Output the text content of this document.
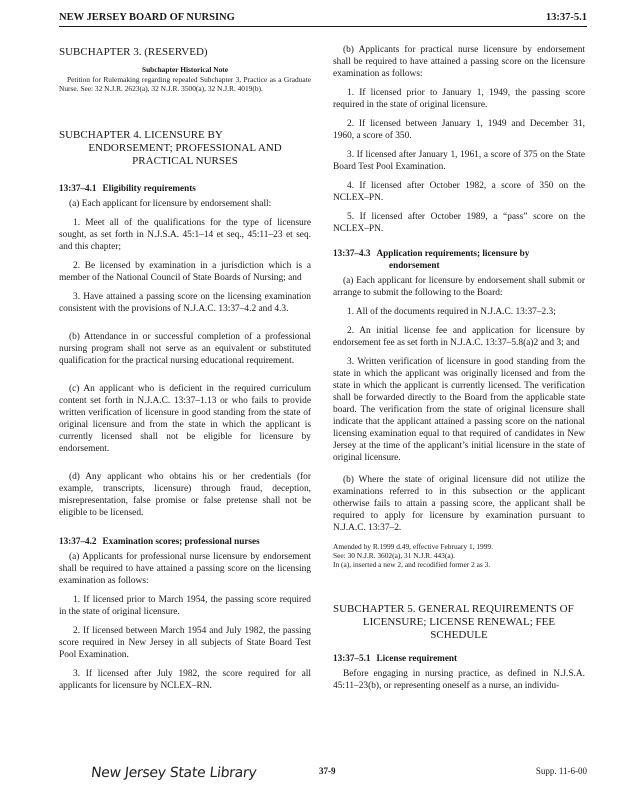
NEW JERSEY BOARD OF NURSING	13:37-5.1

SUBCHAPTER 3. (RESERVED)

Subchapter Historical Note

Petition for Rulemaking regarding repealed Subchapter 3, Practice as a Graduate Nurse. See: 32 N.J.R. 2623(a), 32 N.J.R. 3500(a), 32 N.J.R. 4019(b).

SUBCHAPTER 4. LICENSURE BY

ENDORSEMENT; PROFESSIONAL AND

PRACTICAL NURSES

13:37–4.1 Eligibility requirements

(a) Each applicant for licensure by endorsement shall:

1. Meet all of the qualifications for the type of licensure sought, as set forth in N.J.S.A. 45:1–14 et seq., 45:11–23 et seq. and this chapter;

2. Be licensed by examination in a jurisdiction which is a member of the National Council of State Boards of Nursing; and

3. Have attained a passing score on the licensing examination consistent with the provisions of N.J.A.C. 13:37–4.2 and 4.3.

(b) Attendance in or successful completion of a professional nursing program shall not serve as an equivalent or substituted qualification for the practical nursing educational requirement.

(c) An applicant who is deficient in the required curriculum content set forth in N.J.A.C. 13:37–1.13 or who fails to provide written verification of licensure in good standing from the state of original licensure and from the state in which the applicant is currently licensed shall not be eligible for licensure by endorsement.

(d) Any applicant who obtains his or her credentials (for example, transcripts, licensure) through fraud, deception, misrepresentation, false promise or false pretense shall not be eligible to be licensed.

13:37–4.2 Examination scores; professional nurses

(a) Applicants for professional nurse licensure by endorsement shall be required to have attained a passing score on the licensing examination as follows:

1. If licensed prior to March 1954, the passing score required in the state of original licensure.

2. If licensed between March 1954 and July 1982, the passing score required in New Jersey in all subjects of State Board Test Pool Examination.

3. If licensed after July 1982, the score required for all applicants for licensure by NCLEX–RN.

(b) Applicants for practical nurse licensure by endorsement shall be required to have attained a passing score on the licensure examination as follows:

1. If licensed prior to January 1, 1949, the passing score required in the state of original licensure.

2. If licensed between January 1, 1949 and December 31, 1960, a score of 350.

3. If licensed after January 1, 1961, a score of 375 on the State Board Test Pool Examination.

4. If licensed after October 1982, a score of 350 on the NCLEX–PN.

5. If licensed after October 1989, a “pass” score on the NCLEX–PN.

13:37–4.3 Application requirements; licensure by

endorsement

(a) Each applicant for licensure by endorsement shall submit or arrange to submit the following to the Board:

1. All of the documents required in N.J.A.C. 13:37–2.3;

2. An initial license fee and application for licensure by endorsement fee as set forth in N.J.A.C. 13:37–5.8(a)2 and 3; and

3. Written verification of licensure in good standing from the state in which the applicant was originally licensed and from the state in which the applicant is currently licensed. The verification shall be forwarded directly to the Board from the applicable state board. The verification from the state of original licensure shall indicate that the applicant attained a passing score on the national licensing examination equal to that required of candidates in New Jersey at the time of the applicant’s initial licensure in the state of original licensure.

(b) Where the state of original licensure did not utilize the examinations referred to in this subsection or the applicant otherwise fails to attain a passing score, the applicant shall be required to apply for licensure by examination pursuant to N.J.A.C. 13:37–2.

Amended by R.1999 d.49, effective February 1, 1999.

See: 30 N.J.R. 3602(a), 31 N.J.R. 443(a).

In (a), inserted a new 2, and recodified former 2 as 3.

SUBCHAPTER 5. GENERAL REQUIREMENTS OF

LICENSURE; LICENSE RENEWAL; FEE

SCHEDULE

13:37–5.1 License requirement

Before engaging in nursing practice, as defined in N.J.S.A. 45:11–23(b), or representing oneself as a nurse, an individu-

New Jersey State Library	37-9	Supp. 11-6-00
